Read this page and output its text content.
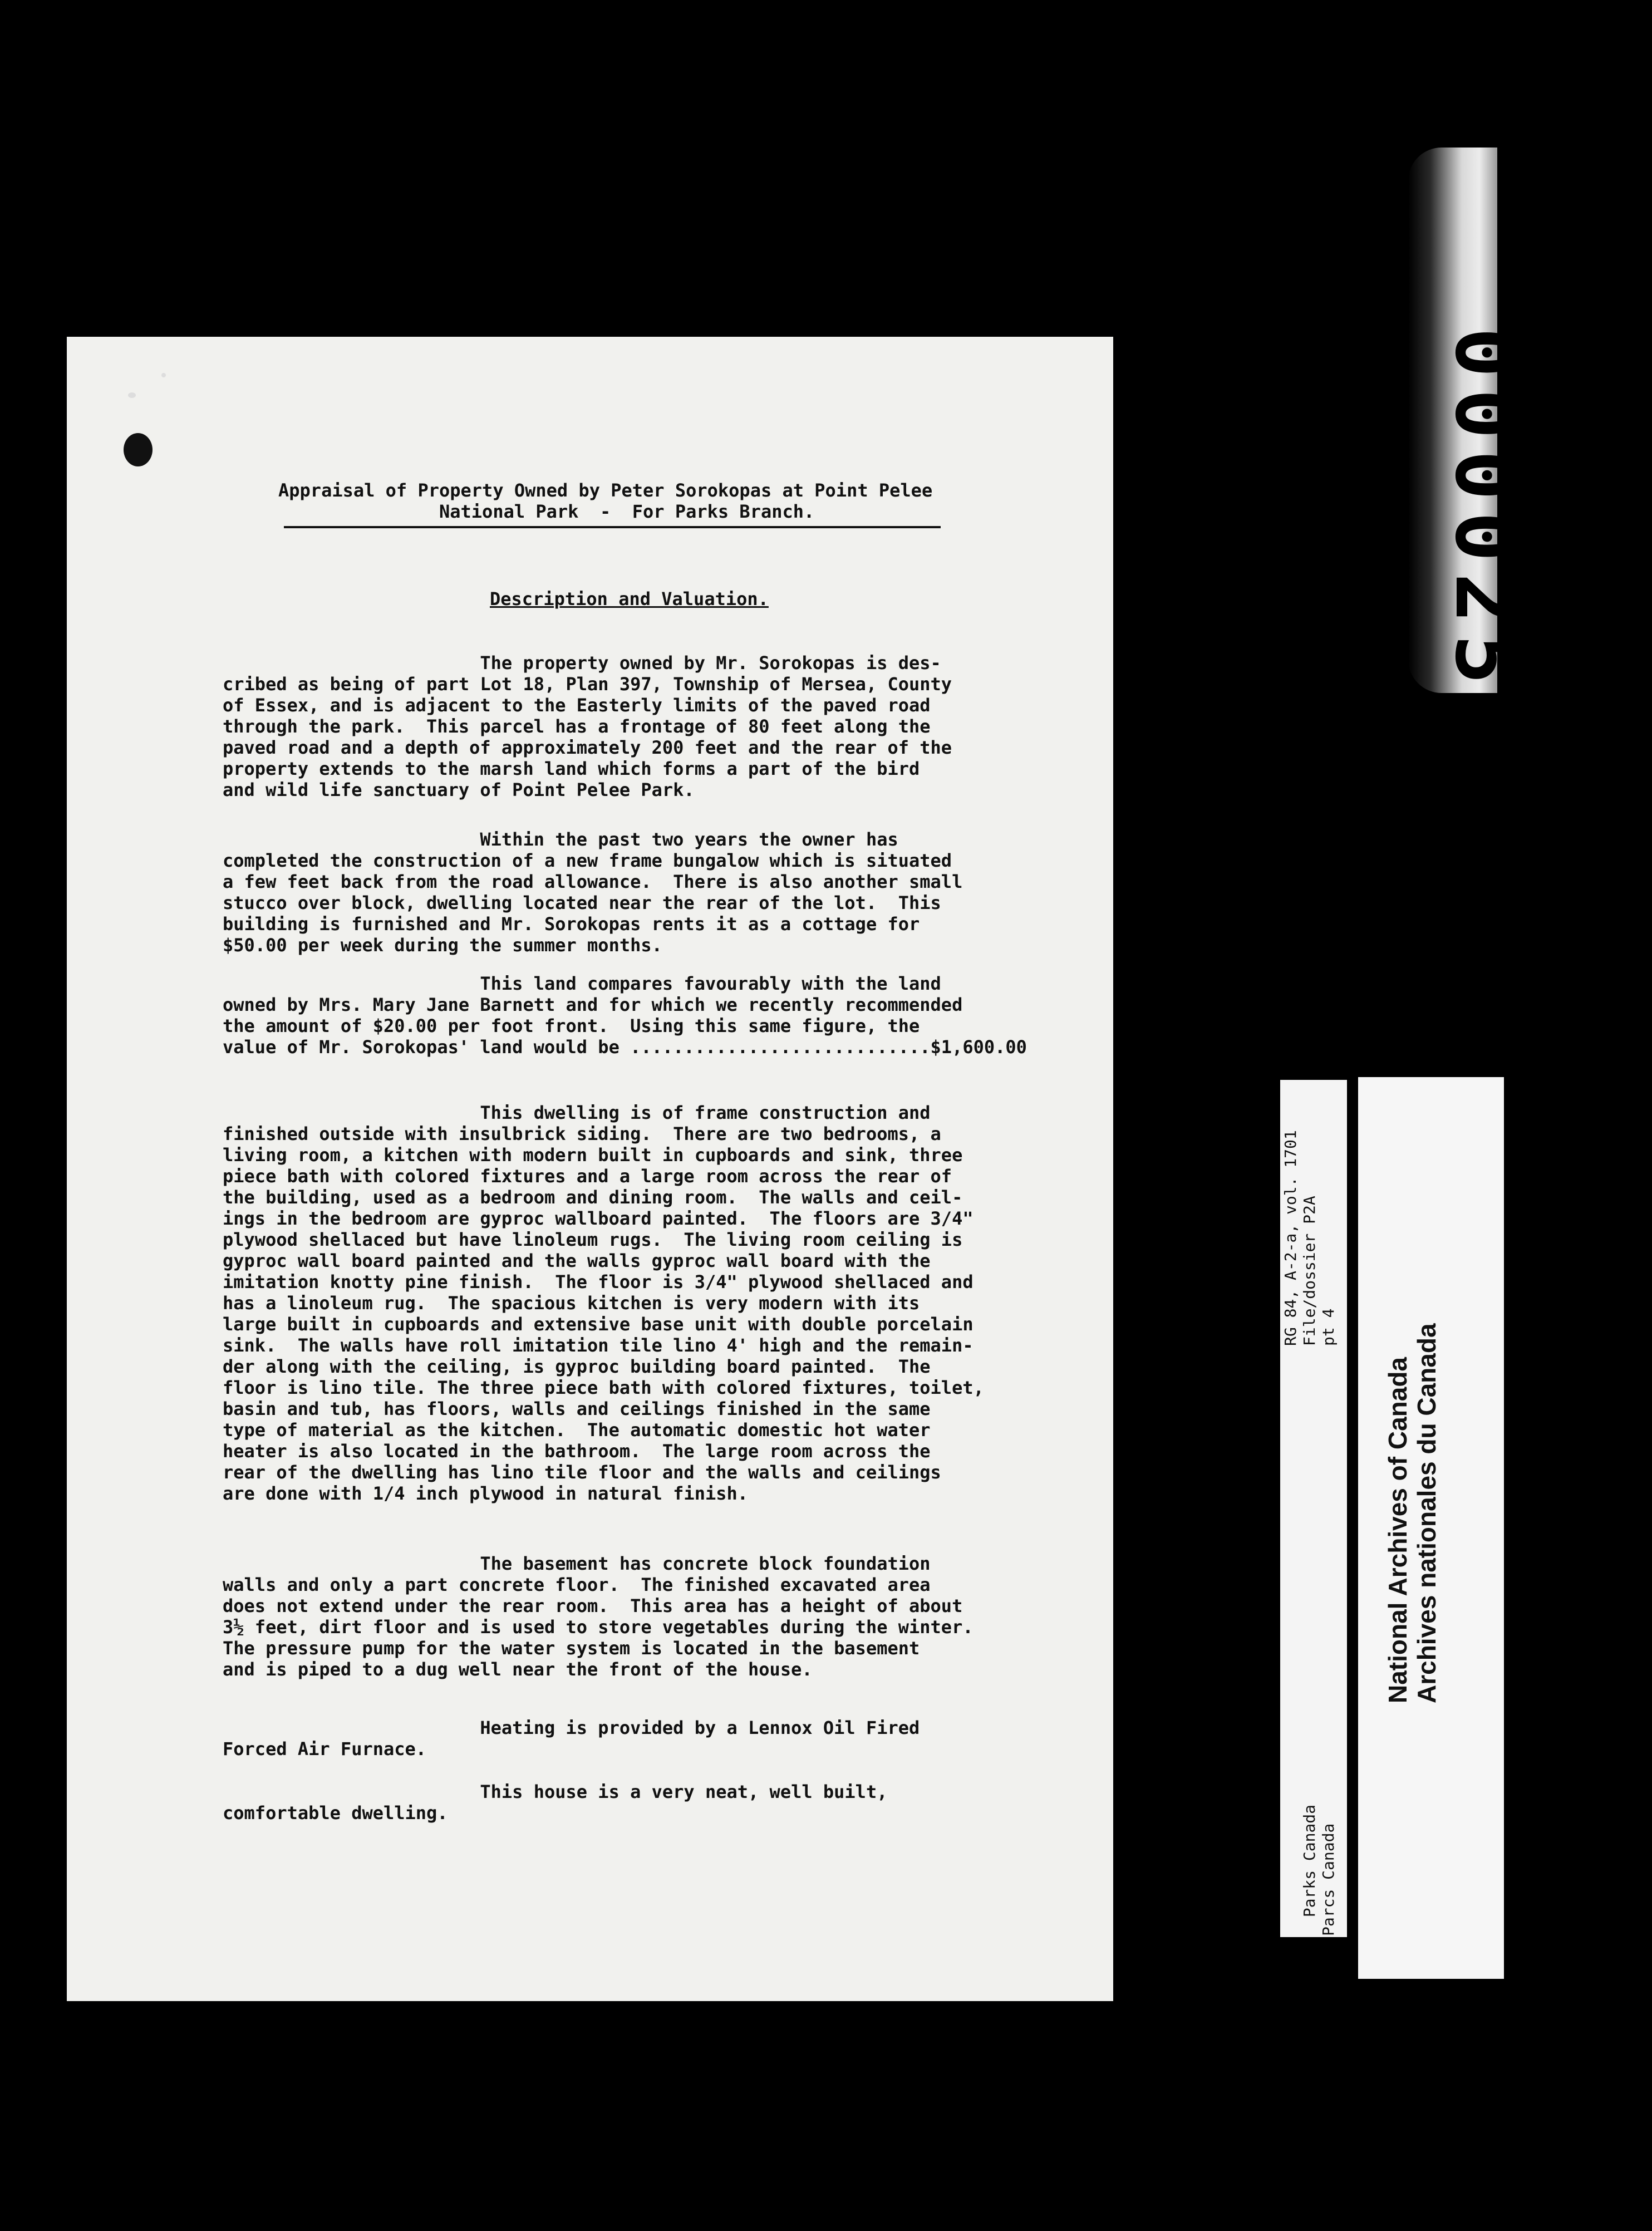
Appraisal of Property Owned by Peter Sorokopas at Point Pelee
National Park  -  For Parks Branch.
Description and Valuation.
The property owned by Mr. Sorokopas is des-
cribed as being of part Lot 18, Plan 397, Township of Mersea, County
of Essex, and is adjacent to the Easterly limits of the paved road
through the park.  This parcel has a frontage of 80 feet along the
paved road and a depth of approximately 200 feet and the rear of the
property extends to the marsh land which forms a part of the bird
and wild life sanctuary of Point Pelee Park.
Within the past two years the owner has
completed the construction of a new frame bungalow which is situated
a few feet back from the road allowance.  There is also another small
stucco over block, dwelling located near the rear of the lot.  This
building is furnished and Mr. Sorokopas rents it as a cottage for
$50.00 per week during the summer months.
This land compares favourably with the land
owned by Mrs. Mary Jane Barnett and for which we recently recommended
the amount of $20.00 per foot front.  Using this same figure, the
value of Mr. Sorokopas' land would be ............................$1,600.00
This dwelling is of frame construction and
finished outside with insulbrick siding.  There are two bedrooms, a
living room, a kitchen with modern built in cupboards and sink, three
piece bath with colored fixtures and a large room across the rear of
the building, used as a bedroom and dining room.  The walls and ceil-
ings in the bedroom are gyproc wallboard painted.  The floors are 3/4"
plywood shellaced but have linoleum rugs.  The living room ceiling is
gyproc wall board painted and the walls gyproc wall board with the
imitation knotty pine finish.  The floor is 3/4" plywood shellaced and
has a linoleum rug.  The spacious kitchen is very modern with its
large built in cupboards and extensive base unit with double porcelain
sink.  The walls have roll imitation tile lino 4' high and the remain-
der along with the ceiling, is gyproc building board painted.  The
floor is lino tile. The three piece bath with colored fixtures, toilet,
basin and tub, has floors, walls and ceilings finished in the same
type of material as the kitchen.  The automatic domestic hot water
heater is also located in the bathroom.  The large room across the
rear of the dwelling has lino tile floor and the walls and ceilings
are done with 1/4 inch plywood in natural finish.
The basement has concrete block foundation
walls and only a part concrete floor.  The finished excavated area
does not extend under the rear room.  This area has a height of about
3½ feet, dirt floor and is used to store vegetables during the winter.
The pressure pump for the water system is located in the basement
and is piped to a dug well near the front of the house.
Heating is provided by a Lennox Oil Fired
Forced Air Furnace.
This house is a very neat, well built,
comfortable dwelling.
000025

Parks Canada
Parcs Canada

RG 84, A-2-a, vol. 1701
File/dossier P2A
pt 4

National Archives of Canada
Archives nationales du Canada
